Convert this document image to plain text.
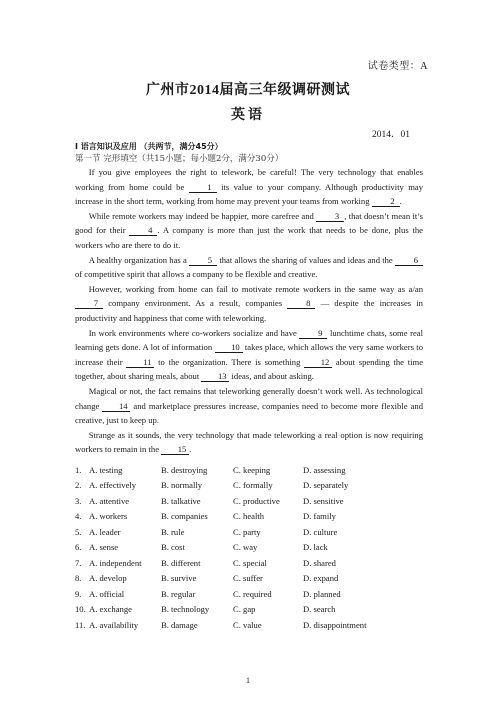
试卷类型：A
广州市2014届高三年级调研测试
英语
2014．01
I 语言知识及应用 （共两节，满分45分）
第一节 完形填空（共15小题；每小题2分，满分30分）

If you give employees the right to telework, be careful! The very technology that enables working from home could be	1 its value to your company. Although productivity may increase in the short term, working from home may prevent your teams from working 2 .

While remote workers may indeed be happier, more carefree and 3 , that doesn’t mean it’s good for their	4 . A company is more than just the work that needs to be done, plus the workers who are there to do it.

A healthy organization has a 5 that allows the sharing of values and ideas and the 6 of competitive spirit that allows a company to be flexible and creative.

However, working from home can fail to motivate remote workers in the same way as a/an 7 company environment. As a result, companies	8 — despite the increases in productivity and happiness that come with teleworking.

In work environments where co-workers socialize and have 9 lunchtime chats, some real learning gets done. A lot of information 10 takes place, which allows the very same workers to increase their 11 to the organization. There is something 12 about spending the time together, about sharing meals, about 13 ideas, and about asking.

Magical or not, the fact remains that teleworking generally doesn’t work well. As technological change 14 and marketplace pressures increase, companies need to become more flexible and creative, just to keep up.

Strange as it sounds, the very technology that made teleworking a real option is now requiring workers to remain in the 15 .

1. A. testing	B. destroying	C. keeping	D. assessing
2. A. effectively	B. normally	C. formally	D. separately
3. A. attentive	B. talkative	C. productive	D. sensitive
4. A. workers	B. companies	C. health	D. family
5. A. leader	B. rule	C. party	D. culture
6. A. sense	B. cost	C. way	D. lack
7. A. independent	B. different	C. special	D. shared
8. A. develop	B. survive	C. suffer	D. expand
9. A. official	B. regular	C. required	D. planned
10. A. exchange	B. technology	C. gap	D. search
11. A. availability	B. damage	C. value	D. disappointment
1
